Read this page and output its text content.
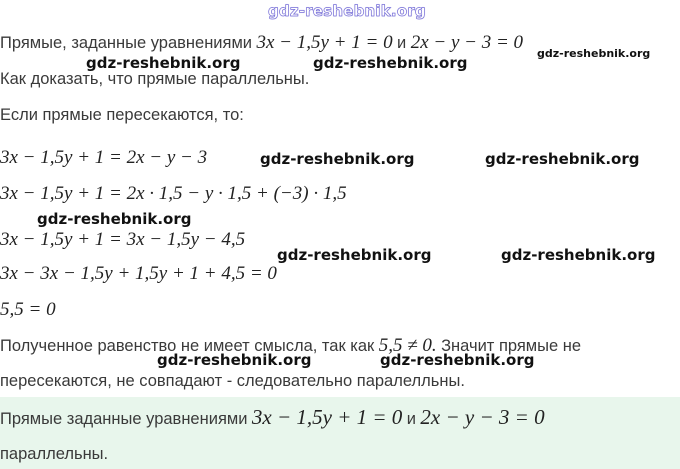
gdz-reshebnik.org
Прямые, заданные уравнениями 3x − 1,5y + 1 = 0 и 2x − y − 3 = 0
Как доказать, что прямые параллельны.
Если прямые пересекаются, то:
3x − 1,5y + 1 = 2x − y − 3
3x − 1,5y + 1 = 2x · 1,5 − y · 1,5 + (−3) · 1,5
3x − 1,5y + 1 = 3x − 1,5y − 4,5
3x − 3x − 1,5y + 1,5y + 1 + 4,5 = 0
5,5 = 0
Полученное равенство не имеет смысла, так как 5,5 ≠ 0. Значит прямые не
пересекаются, не совпадают - следовательно паралелльны.
Прямые заданные уравнениями 3x − 1,5y + 1 = 0 и 2x − y − 3 = 0
параллельны.
gdz-reshebnik.org	gdz-reshebnik.org
gdz-reshebnik.org
gdz-reshebnik.org	gdz-reshebnik.org
gdz-reshebnik.org
gdz-reshebnik.org	gdz-reshebnik.org
gdz-reshebnik.org	gdz-reshebnik.org
